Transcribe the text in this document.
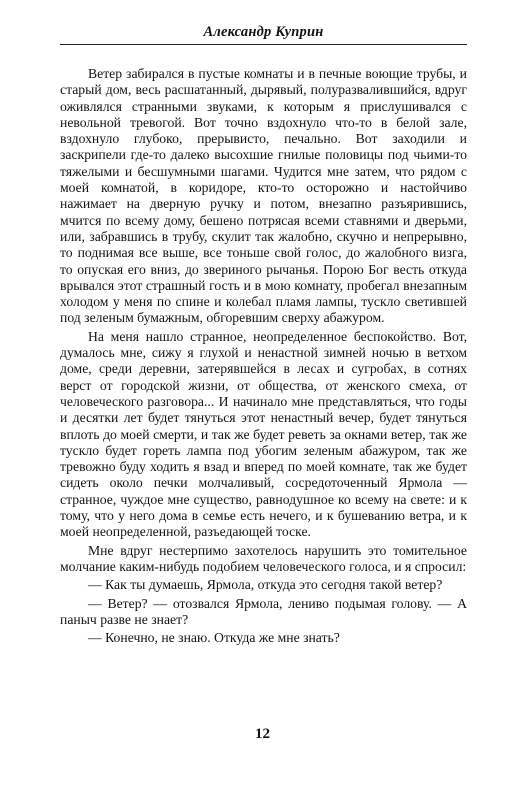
Александр Куприн

Ветер забирался в пустые комнаты и в печные воющие трубы, и старый дом, весь расшатанный, дырявый, полуразвалившийся, вдруг оживлялся странными звуками, к которым я прислушивался с невольной тревогой. Вот точно вздохнуло что-то в белой зале, вздохнуло глубоко, прерывисто, печально. Вот заходили и заскрипели где-то далеко высохшие гнилые половицы под чьими-то тяжелыми и бесшумными шагами. Чудится мне затем, что рядом с моей комнатой, в коридоре, кто-то осторожно и настойчиво нажимает на дверную ручку и потом, внезапно разъярившись, мчится по всему дому, бешено потрясая всеми ставнями и дверьми, или, забравшись в трубу, скулит так жалобно, скучно и непрерывно, то поднимая все выше, все тоньше свой голос, до жалобного визга, то опуская его вниз, до звериного рычанья. Порою Бог весть откуда врывался этот страшный гость и в мою комнату, пробегал внезапным холодом у меня по спине и колебал пламя лампы, тускло светившей под зеленым бумажным, обгоревшим сверху абажуром.

На меня нашло странное, неопределенное беспокойство. Вот, думалось мне, сижу я глухой и ненастной зимней ночью в ветхом доме, среди деревни, затерявшейся в лесах и сугробах, в сотнях верст от городской жизни, от общества, от женского смеха, от человеческого разговора... И начинало мне представляться, что годы и десятки лет будет тянуться этот ненастный вечер, будет тянуться вплоть до моей смерти, и так же будет реветь за окнами ветер, так же тускло будет гореть лампа под убогим зеленым абажуром, так же тревожно буду ходить я взад и вперед по моей комнате, так же будет сидеть около печки молчаливый, сосредоточенный Ярмола — странное, чуждое мне существо, равнодушное ко всему на свете: и к тому, что у него дома в семье есть нечего, и к бушеванию ветра, и к моей неопределенной, разъедающей тоске.

Мне вдруг нестерпимо захотелось нарушить это томительное молчание каким-нибудь подобием человеческого голоса, и я спросил:

— Как ты думаешь, Ярмола, откуда это сегодня такой ветер?

— Ветер? — отозвался Ярмола, лениво подымая голову. — А паныч разве не знает?

— Конечно, не знаю. Откуда же мне знать?

12
